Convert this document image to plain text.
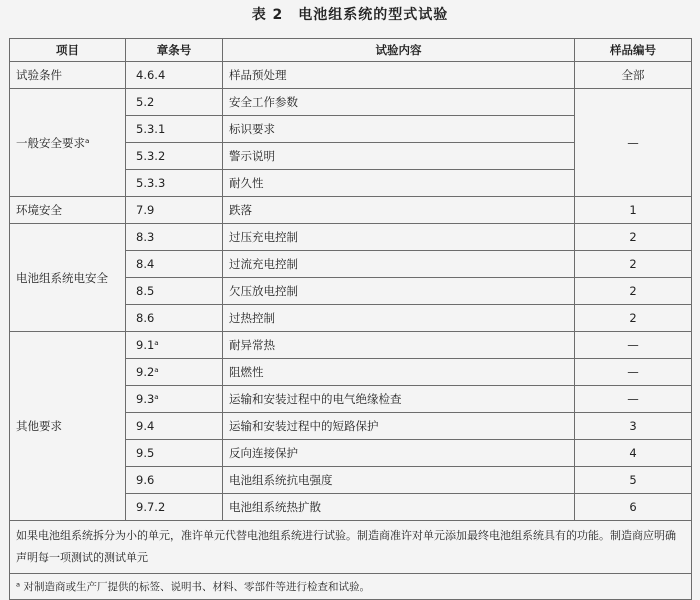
表 2　电池组系统的型式试验
项目	章条号	试验内容	样品编号
试验条件	4.6.4	样品预处理	全部
一般安全要求ᵃ	5.2	安全工作参数	—
	5.3.1	标识要求	
	5.3.2	警示说明	
	5.3.3	耐久性	
环境安全	7.9	跌落	1
电池组系统电安全	8.3	过压充电控制	2
	8.4	过流充电控制	2
	8.5	欠压放电控制	2
	8.6	过热控制	2
其他要求	9.1ᵃ	耐异常热	—
	9.2ᵃ	阻燃性	—
	9.3ᵃ	运输和安装过程中的电气绝缘检查	—
	9.4	运输和安装过程中的短路保护	3
	9.5	反向连接保护	4
	9.6	电池组系统抗电强度	5
	9.7.2	电池组系统热扩散	6
如果电池组系统拆分为小的单元，准许单元代替电池组系统进行试验。制造商准许对单元添加最终电池组系统具有的功能。制造商应明确声明每一项测试的测试单元			
ᵃ 对制造商或生产厂提供的标签、说明书、材料、零部件等进行检查和试验。			
